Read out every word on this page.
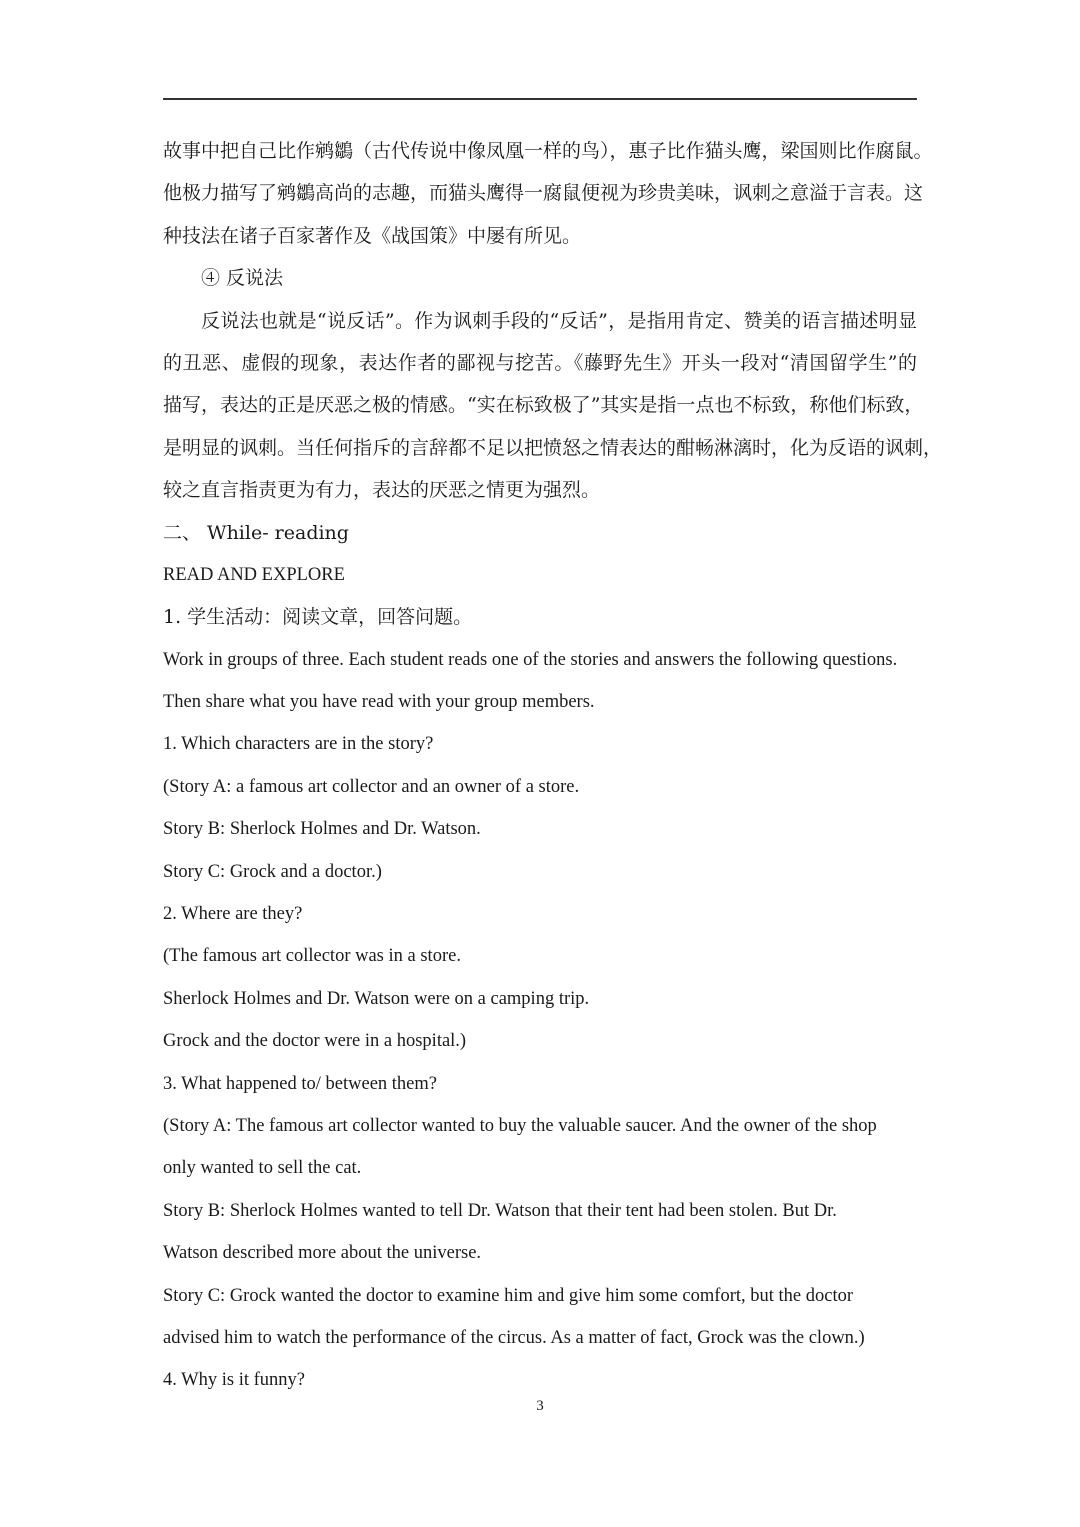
故事中把自己比作鹓鶵（古代传说中像凤凰一样的鸟），惠子比作猫头鹰，梁国则比作腐鼠。

他极力描写了鹓鶵高尚的志趣，而猫头鹰得一腐鼠便视为珍贵美味，讽刺之意溢于言表。这

种技法在诸子百家著作及《战国策》中屡有所见。

④ 反说法

反说法也就是“说反话”。作为讽刺手段的“反话”，是指用肯定、赞美的语言描述明显

的丑恶、虚假的现象，表达作者的鄙视与挖苦。《藤野先生》开头一段对“清国留学生”的

描写，表达的正是厌恶之极的情感。“实在标致极了”其实是指一点也不标致，称他们标致，

是明显的讽刺。当任何指斥的言辞都不足以把愤怒之情表达的酣畅淋漓时，化为反语的讽刺，

较之直言指责更为有力，表达的厌恶之情更为强烈。

二、 While- reading

READ AND EXPLORE

1. 学生活动：阅读文章，回答问题。

Work in groups of three. Each student reads one of the stories and answers the following questions.

Then share what you have read with your group members.

1. Which characters are in the story?

(Story A: a famous art collector and an owner of a store.

Story B: Sherlock Holmes and Dr. Watson.

Story C: Grock and a doctor.)

2. Where are they?

(The famous art collector was in a store.

Sherlock Holmes and Dr. Watson were on a camping trip.

Grock and the doctor were in a hospital.)

3. What happened to/ between them?

(Story A: The famous art collector wanted to buy the valuable saucer. And the owner of the shop

only wanted to sell the cat.

Story B: Sherlock Holmes wanted to tell Dr. Watson that their tent had been stolen. But Dr.

Watson described more about the universe.

Story C: Grock wanted the doctor to examine him and give him some comfort, but the doctor

advised him to watch the performance of the circus. As a matter of fact, Grock was the clown.)

4. Why is it funny?

3
